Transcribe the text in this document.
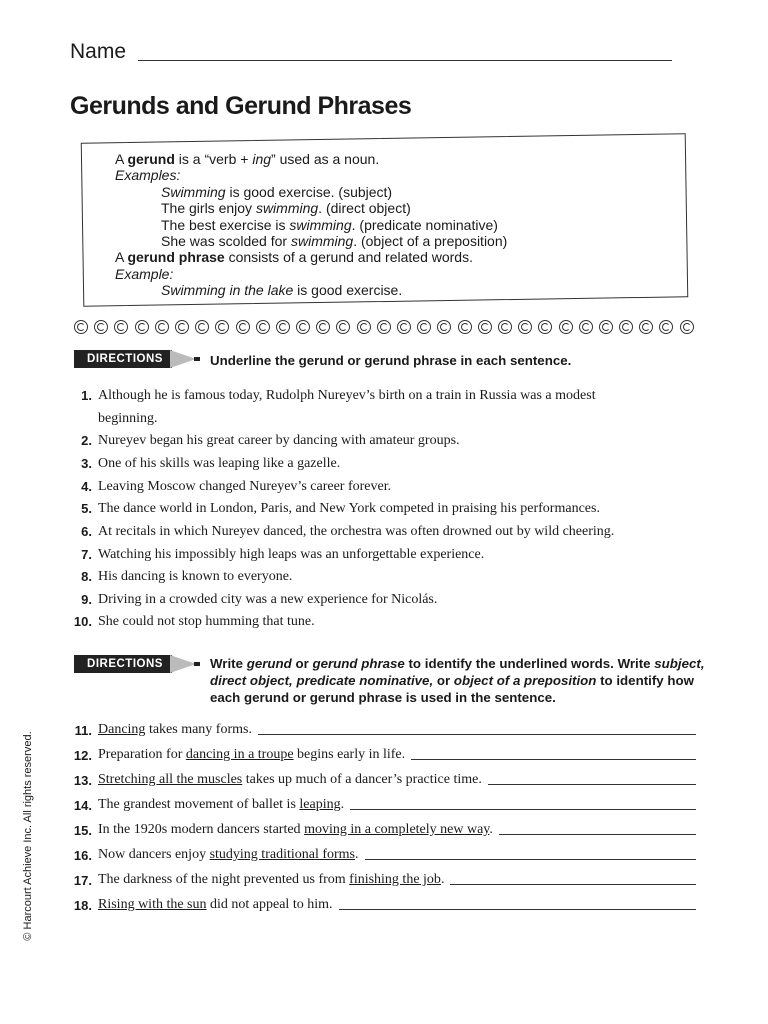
Name
Gerunds and Gerund Phrases
A gerund is a “verb + ing” used as a noun.
Examples:
Swimming is good exercise. (subject)
The girls enjoy swimming. (direct object)
The best exercise is swimming. (predicate nominative)
She was scolded for swimming. (object of a preposition)
A gerund phrase consists of a gerund and related words.
Example:
Swimming in the lake is good exercise.
DIRECTIONS	Underline the gerund or gerund phrase in each sentence.
1. Although he is famous today, Rudolph Nureyev’s birth on a train in Russia was a modest beginning.
2. Nureyev began his great career by dancing with amateur groups.
3. One of his skills was leaping like a gazelle.
4. Leaving Moscow changed Nureyev’s career forever.
5. The dance world in London, Paris, and New York competed in praising his performances.
6. At recitals in which Nureyev danced, the orchestra was often drowned out by wild cheering.
7. Watching his impossibly high leaps was an unforgettable experience.
8. His dancing is known to everyone.
9. Driving in a crowded city was a new experience for Nicolás.
10. She could not stop humming that tune.
DIRECTIONS	Write gerund or gerund phrase to identify the underlined words. Write subject,
direct object, predicate nominative, or object of a preposition to identify how
each gerund or gerund phrase is used in the sentence.
11. Dancing takes many forms.
12. Preparation for dancing in a troupe begins early in life.
13. Stretching all the muscles takes up much of a dancer’s practice time.
14. The grandest movement of ballet is leaping.
15. In the 1920s modern dancers started moving in a completely new way.
16. Now dancers enjoy studying traditional forms.
17. The darkness of the night prevented us from finishing the job.
18. Rising with the sun did not appeal to him.
© Harcourt Achieve Inc. All rights reserved.
